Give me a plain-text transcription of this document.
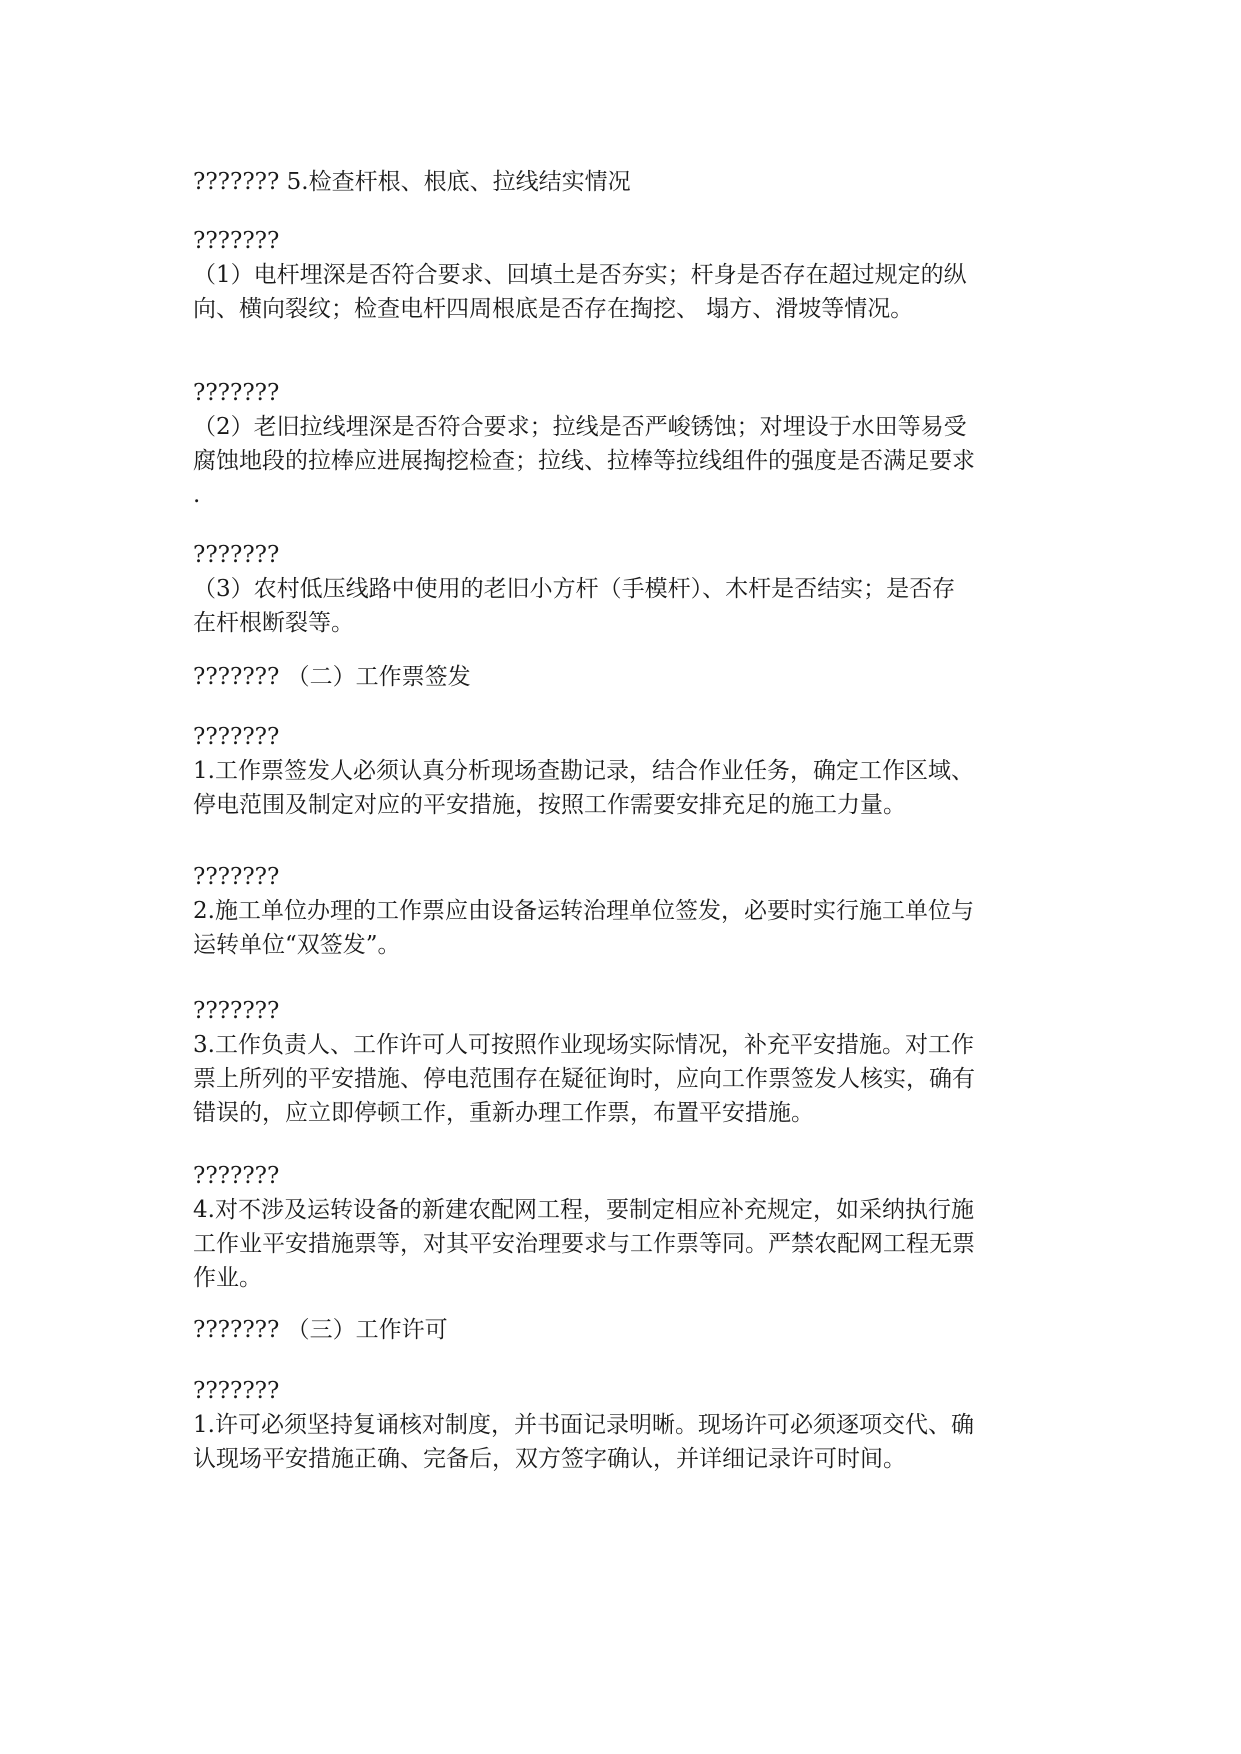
??????? 5.检查杆根、根底、拉线结实情况

???????
（1）电杆埋深是否符合要求、回填土是否夯实；杆身是否存在超过规定的纵
向、横向裂纹；检查电杆四周根底是否存在掏挖、 塌方、滑坡等情况。

???????
（2）老旧拉线埋深是否符合要求；拉线是否严峻锈蚀；对埋设于水田等易受
腐蚀地段的拉棒应进展掏挖检查；拉线、拉棒等拉线组件的强度是否满足要求
.

???????
（3）农村低压线路中使用的老旧小方杆（手模杆）、木杆是否结实；是否存
在杆根断裂等。

??????? （二）工作票签发

???????
1.工作票签发人必须认真分析现场查勘记录，结合作业任务，确定工作区域、
停电范围及制定对应的平安措施，按照工作需要安排充足的施工力量。

???????
2.施工单位办理的工作票应由设备运转治理单位签发，必要时实行施工单位与
运转单位“双签发”。

???????
3.工作负责人、工作许可人可按照作业现场实际情况，补充平安措施。对工作
票上所列的平安措施、停电范围存在疑征询时，应向工作票签发人核实，确有
错误的，应立即停顿工作，重新办理工作票，布置平安措施。

???????
4.对不涉及运转设备的新建农配网工程，要制定相应补充规定，如采纳执行施
工作业平安措施票等，对其平安治理要求与工作票等同。严禁农配网工程无票
作业。

??????? （三）工作许可

???????
1.许可必须坚持复诵核对制度，并书面记录明晰。现场许可必须逐项交代、确
认现场平安措施正确、完备后，双方签字确认，并详细记录许可时间。
